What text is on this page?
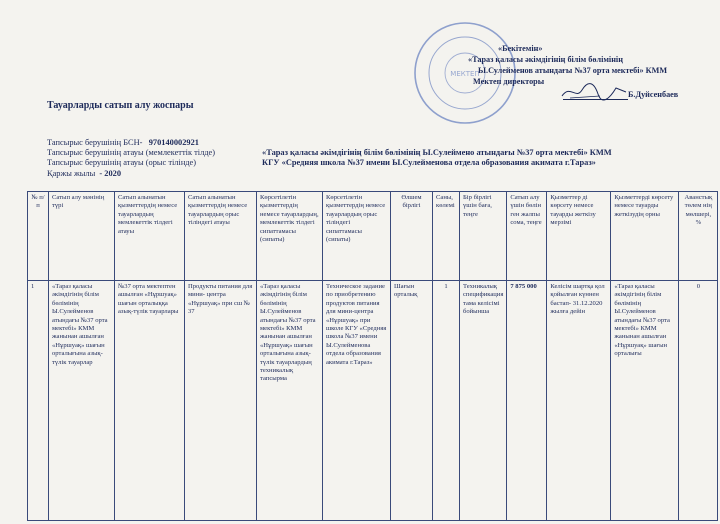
МЕКТЕП
«Бекітемін»
«Тараз қаласы әкімдігінің білім бөлімінің
Ы.Сулейменов атындағы №37 орта мектебі» КММ
Мектеп директоры
Б.Дуйсенбаев
Тауарларды сатып алу жоспары
Тапсырыс берушінің БСН- 970140002921
Тапсырыс берушінің атауы (мемлекеттік тілде)	«Тараз қаласы әкімдігінің білім бөлімінің Ы.Сулеймено атындағы №37 орта мектебі» КММ
Тапсырыс берушінің атауы (орыс тілінде)	КГУ «Средняя школа №37 имени Ы.Сулейменова отдела образования акимата г.Тараз»
Қаржы жылы - 2020
№ п/п	Сатып алу мәнінің түрі	Сатып алынатын қызметтердің немесе тауарлардың мемлекеттік тілдегі атауы	Сатып алынатын қызметтердің немесе тауарлардың орыс тіліндегі атауы	Көрсетілетін қызметтердің немесе тауарлардың, мемлекеттік тілдегі сипаттамасы (сипаты)	Көрсетілетін қызметтердің немесе тауарлардың орыс тіліндегі сипаттамасы (сипаты)	Өлшем бірлігі	Саны, көлемі	Бір бірлігі үшін баға, теңге	Сатып алу үшін бөлін ген жалпы сома, теңге	Қызметтер ді көрсету немесе тауарды жеткізу мерзімі	Қызметтерді көрсету немесе тауарды жеткізудің орны	Аванстық төлем нің мөлшері, %
1	«Тараз қаласы әкімдігінің білім бөлімінің Ы.Сулейменов атындағы №37 орта мектебі» КММ жанынан ашылған «Нұршуақ» шағын орталығына азық-түлік тауарлар	№37 орта мектептен ашылған «Нұршуақ» шағын орталыққа азық-түлік тауарлары	Продукты питания для мини- центра «Нұршуақ» при сш № 37	«Тараз қаласы әкімдігінің білім бөлімінің Ы.Сулейменов атындағы №37 орта мектебі» КММ жанынан ашылған «Нұршуақ» шағын орталығына азық-түлік тауарлардың техникалық тапсырма	Техническое задание по приобретению продуктов питания для мини-центра «Нұршуақ» при школе КГУ «Средняя школа №37 имени Ы.Сулейменова отдела образования акимата г.Тараз»	Шағын орталық	1	Техникалық спецификация тама келісімі бойынша	7 875 000	Келісім шартқа қол қойылған күннен бастап- 31.12.2020 жылға дейін	«Тараз қаласы әкімдігінің білім бөлімінің Ы.Сулейменов атындағы №37 орта мектебі» КММ жанынан ашылған «Нұршуақ» шағын орталығы	0
